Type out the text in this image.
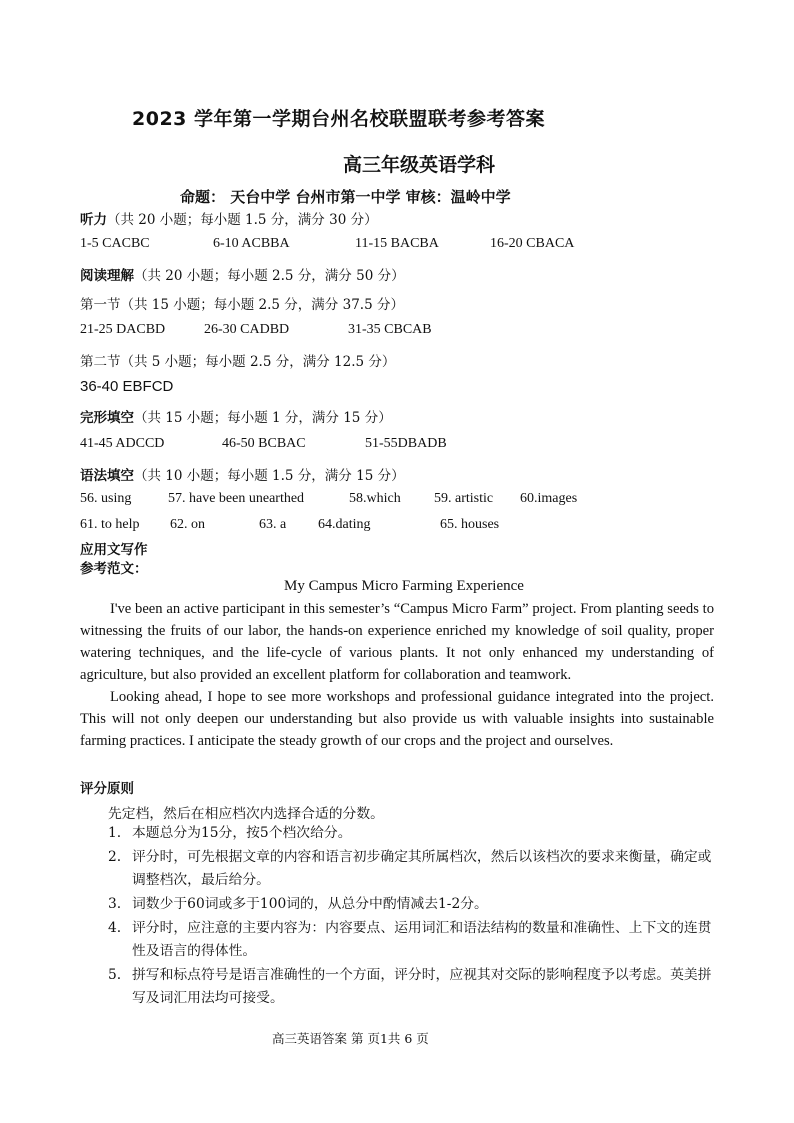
2023 学年第一学期台州名校联盟联考参考答案
高三年级英语学科
命题： 天台中学 台州市第一中学 审核：温岭中学
听力（共 20 小题；每小题 1.5 分，满分 30 分）
1-5 CACBC	6-10 ACBBA	11-15 BACBA	16-20 CBACA
阅读理解（共 20 小题；每小题 2.5 分，满分 50 分）
第一节（共 15 小题；每小题 2.5 分，满分 37.5 分）
21-25 DACBD	26-30 CADBD	31-35 CBCAB
第二节（共 5 小题；每小题 2.5 分，满分 12.5 分）
36-40 EBFCD
完形填空（共 15 小题；每小题 1 分，满分 15 分）
41-45 ADCCD	46-50 BCBAC	51-55DBADB
语法填空（共 10 小题；每小题 1.5 分，满分 15 分）
56. using	57. have been unearthed	58.which 59. artistic 60.images
61. to help 62. on	63. a 64.dating	65. houses
应用文写作
参考范文：
My Campus Micro Farming Experience
I've been an active participant in this semester’s “Campus Micro Farm” project. From planting seeds to witnessing the fruits of our labor, the hands-on experience enriched my knowledge of soil quality, proper watering techniques, and the life-cycle of various plants. It not only enhanced my understanding of agriculture, but also provided an excellent platform for collaboration and teamwork.
Looking ahead, I hope to see more workshops and professional guidance integrated into the project. This will not only deepen our understanding but also provide us with valuable insights into sustainable farming practices. I anticipate the steady growth of our crops and the project and ourselves.
评分原则
先定档，然后在相应档次内选择合适的分数。
1. 本题总分为15分，按5个档次给分。
2. 评分时，可先根据文章的内容和语言初步确定其所属档次，然后以该档次的要求来衡量，确定或调整档次，最后给分。
3. 词数少于60词或多于100词的，从总分中酌情减去1-2分。
4. 评分时，应注意的主要内容为：内容要点、运用词汇和语法结构的数量和准确性、上下文的连贯性及语言的得体性。
5. 拼写和标点符号是语言准确性的一个方面，评分时，应视其对交际的影响程度予以考虑。英美拼写及词汇用法均可接受。
高三英语答案 第 页1共 6 页
